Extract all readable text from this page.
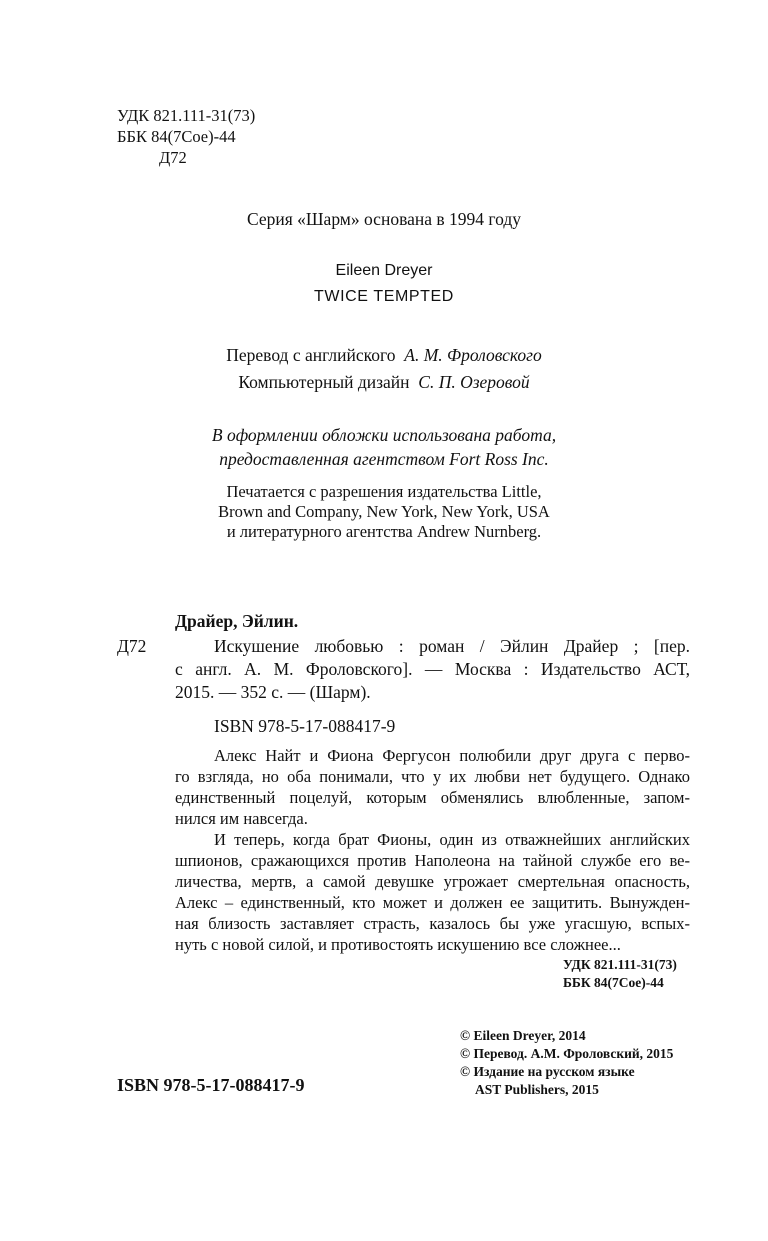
УДК 821.111-31(73)
ББК 84(7Сое)-44
Д72
Серия «Шарм» основана в 1994 году
Eileen Dreyer
TWICE TEMPTED
Перевод с английского А. М. Фроловского
Компьютерный дизайн С. П. Озеровой
В оформлении обложки использована работа,
предоставленная агентством Fort Ross Inc.
Печатается с разрешения издательства Little,
Brown and Company, New York, New York, USA
и литературного агентства Andrew Nurnberg.
Драйер, Эйлин.
Д72	Искушение любовью : роман / Эйлин Драйер ; [пер.
с англ. А. М. Фроловского]. — Москва : Издательство АСТ,
2015. — 352 с. — (Шарм).
ISBN 978-5-17-088417-9
Алекс Найт и Фиона Фергусон полюбили друг друга с перво-
го взгляда, но оба понимали, что у их любви нет будущего. Однако
единственный поцелуй, которым обменялись влюбленные, запом-
нился им навсегда.
И теперь, когда брат Фионы, один из отважнейших английских
шпионов, сражающихся против Наполеона на тайной службе его ве-
личества, мертв, а самой девушке угрожает смертельная опасность,
Алекс – единственный, кто может и должен ее защитить. Вынужден-
ная близость заставляет страсть, казалось бы уже угасшую, вспых-
нуть с новой силой, и противостоять искушению все сложнее...
УДК 821.111-31(73)
ББК 84(7Сое)-44
© Eileen Dreyer, 2014
© Перевод. А.М. Фроловский, 2015
© Издание на русском языке
AST Publishers, 2015
ISBN 978-5-17-088417-9
